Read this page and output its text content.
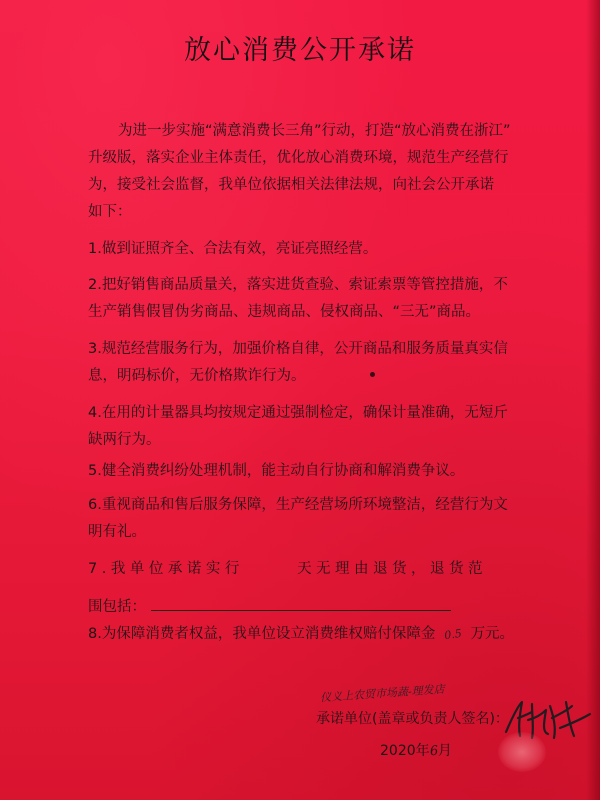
放心消费公开承诺
为进一步实施“满意消费长三角”行动，打造“放心消费在浙江”
升级版，落实企业主体责任，优化放心消费环境，规范生产经营行
为，接受社会监督，我单位依据相关法律法规，向社会公开承诺
如下：
1.做到证照齐全、合法有效，亮证亮照经营。
2.把好销售商品质量关，落实进货查验、索证索票等管控措施，不
生产销售假冒伪劣商品、违规商品、侵权商品、“三无”商品。
3.规范经营服务行为，加强价格自律，公开商品和服务质量真实信
息，明码标价，无价格欺诈行为。
4.在用的计量器具均按规定通过强制检定，确保计量准确，无短斤
缺两行为。
5.健全消费纠纷处理机制，能主动自行协商和解消费争议。
6.重视商品和售后服务保障，生产经营场所环境整洁，经营行为文
明有礼。
7.我单位承诺实行	天无理由退货，退货范
围包括：
8.为保障消费者权益，我单位设立消费维权赔付保障金 0.5 万元。
仪义上农贸市场蔬-理发店
承诺单位(盖章或负责人签名)：
2020年6月
